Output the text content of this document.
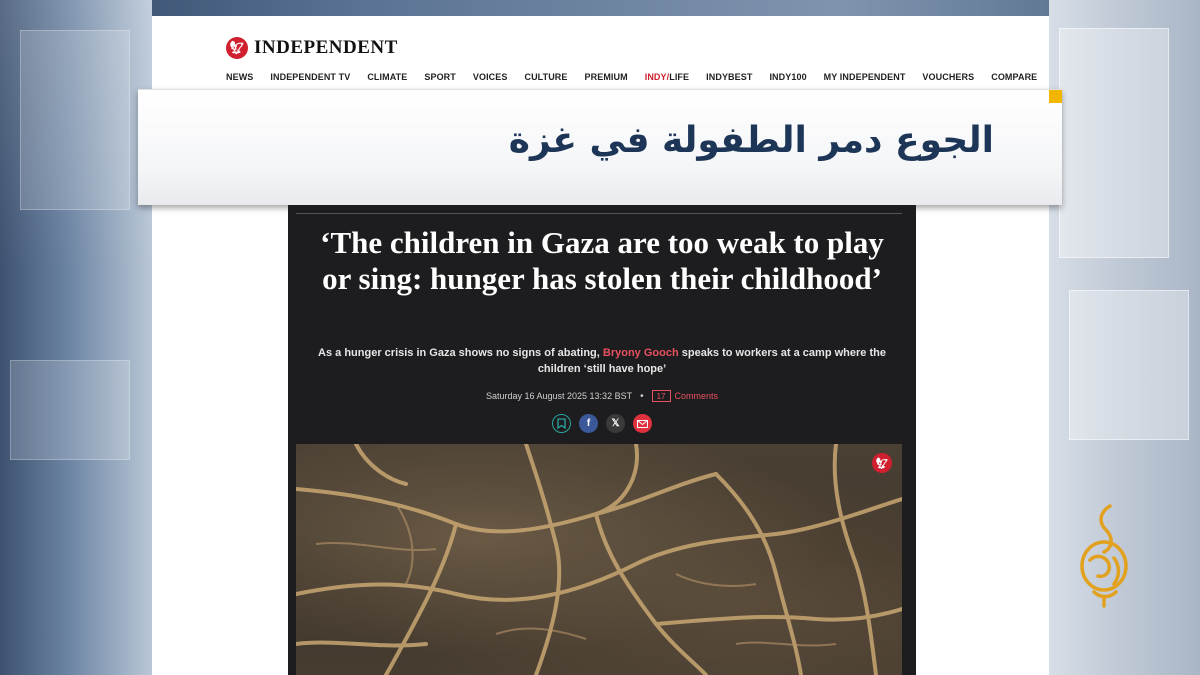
🦅︎ INDEPENDENT
NEWS INDEPENDENT TV CLIMATE SPORT VOICES CULTURE PREMIUM INDY/LIFE INDYBEST INDY100 MY INDEPENDENT VOUCHERS COMPARE
الجوع دمر الطفولة في غزة
‘The children in Gaza are too weak to play or sing: hunger has stolen their childhood’
As a hunger crisis in Gaza shows no signs of abating, Bryony Gooch speaks to workers at a camp where the children ‘still have hope’
Saturday 16 August 2025 13:32 BST •	17	Comments
f	𝕏
🦅︎
